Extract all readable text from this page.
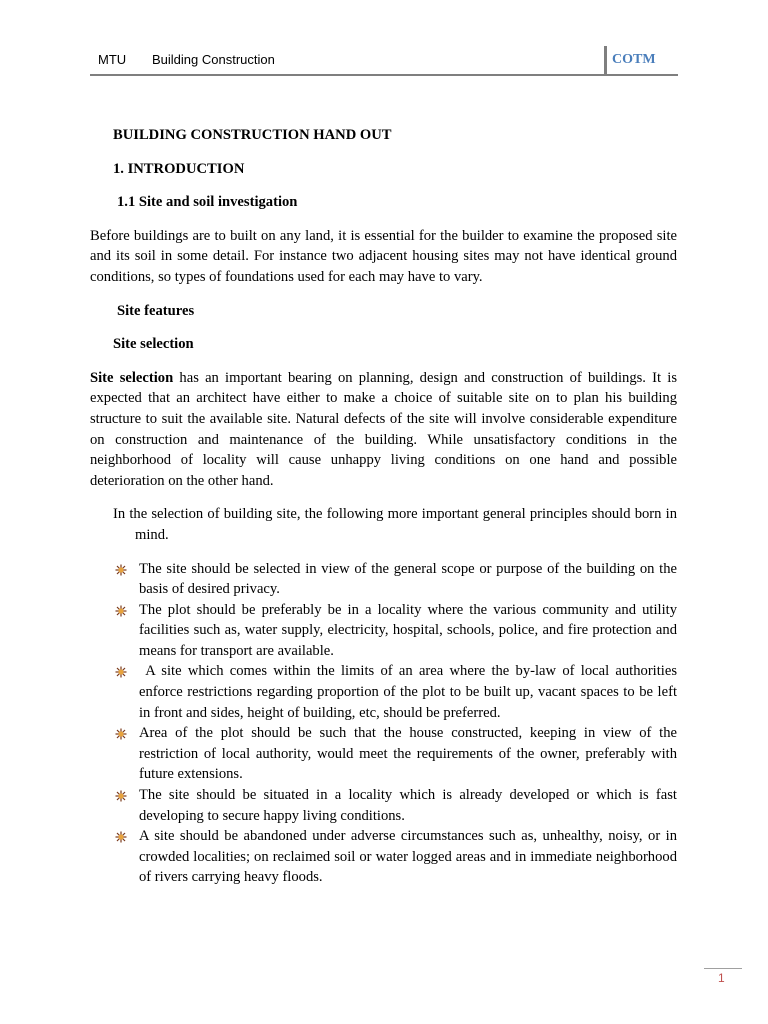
MTU Building Construction	COTM

BUILDING CONSTRUCTION HAND OUT

1. INTRODUCTION

1.1 Site and soil investigation

Before buildings are to built on any land, it is essential for the builder to examine the proposed site and its soil in some detail. For instance two adjacent housing sites may not have identical ground conditions, so types of foundations used for each may have to vary.

Site features

Site selection

Site selection has an important bearing on planning, design and construction of buildings. It is expected that an architect have either to make a choice of suitable site on to plan his building structure to suit the available site. Natural defects of the site will involve considerable expenditure on construction and maintenance of the building. While unsatisfactory conditions in the neighborhood of locality will cause unhappy living conditions on one hand and possible deterioration on the other hand.

In the selection of building site, the following more important general principles should born in mind.

The site should be selected in view of the general scope or purpose of the building on the basis of desired privacy.
The plot should be preferably be in a locality where the various community and utility facilities such as, water supply, electricity, hospital, schools, police, and fire protection and means for transport are available.
A site which comes within the limits of an area where the by-law of local authorities enforce restrictions regarding proportion of the plot to be built up, vacant spaces to be left in front and sides, height of building, etc, should be preferred.
Area of the plot should be such that the house constructed, keeping in view of the restriction of local authority, would meet the requirements of the owner, preferably with future extensions.
The site should be situated in a locality which is already developed or which is fast developing to secure happy living conditions.
A site should be abandoned under adverse circumstances such as, unhealthy, noisy, or in crowded localities; on reclaimed soil or water logged areas and in immediate neighborhood of rivers carrying heavy floods.
1
